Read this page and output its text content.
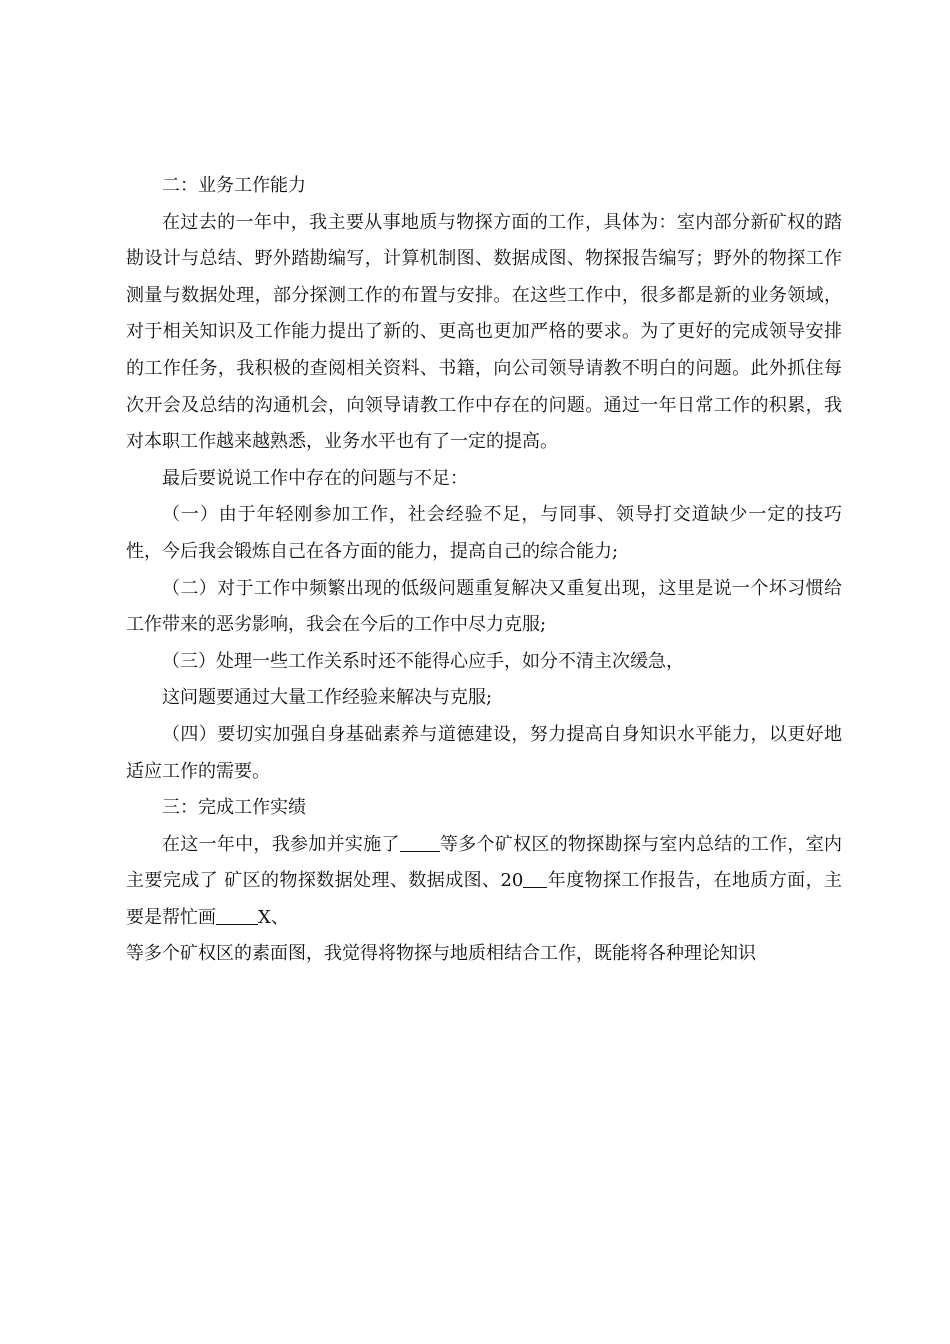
二：业务工作能力

在过去的一年中，我主要从事地质与物探方面的工作，具体为：室内部分新矿权的踏勘设计与总结、野外踏勘编写，计算机制图、数据成图、物探报告编写；野外的物探工作测量与数据处理，部分探测工作的布置与安排。在这些工作中，很多都是新的业务领域，对于相关知识及工作能力提出了新的、更高也更加严格的要求。为了更好的完成领导安排的工作任务，我积极的查阅相关资料、书籍，向公司领导请教不明白的问题。此外抓住每次开会及总结的沟通机会，向领导请教工作中存在的问题。通过一年日常工作的积累，我对本职工作越来越熟悉，业务水平也有了一定的提高。

最后要说说工作中存在的问题与不足：

（一）由于年轻刚参加工作，社会经验不足，与同事、领导打交道缺少一定的技巧性，今后我会锻炼自己在各方面的能力，提高自己的综合能力;

（二）对于工作中频繁出现的低级问题重复解决又重复出现，这里是说一个坏习惯给工作带来的恶劣影响，我会在今后的工作中尽力克服;

（三）处理一些工作关系时还不能得心应手，如分不清主次缓急，

这问题要通过大量工作经验来解决与克服;

（四）要切实加强自身基础素养与道德建设，努力提高自身知识水平能力，以更好地适应工作的需要。

三：完成工作实绩

在这一年中，我参加并实施了 等多个矿权区的物探勘探与室内总结的工作，室内主要完成了 矿区的物探数据处理、数据成图、20 年度物探工作报告，在地质方面，主要是帮忙画 X、

等多个矿权区的素面图，我觉得将物探与地质相结合工作，既能将各种理论知识
